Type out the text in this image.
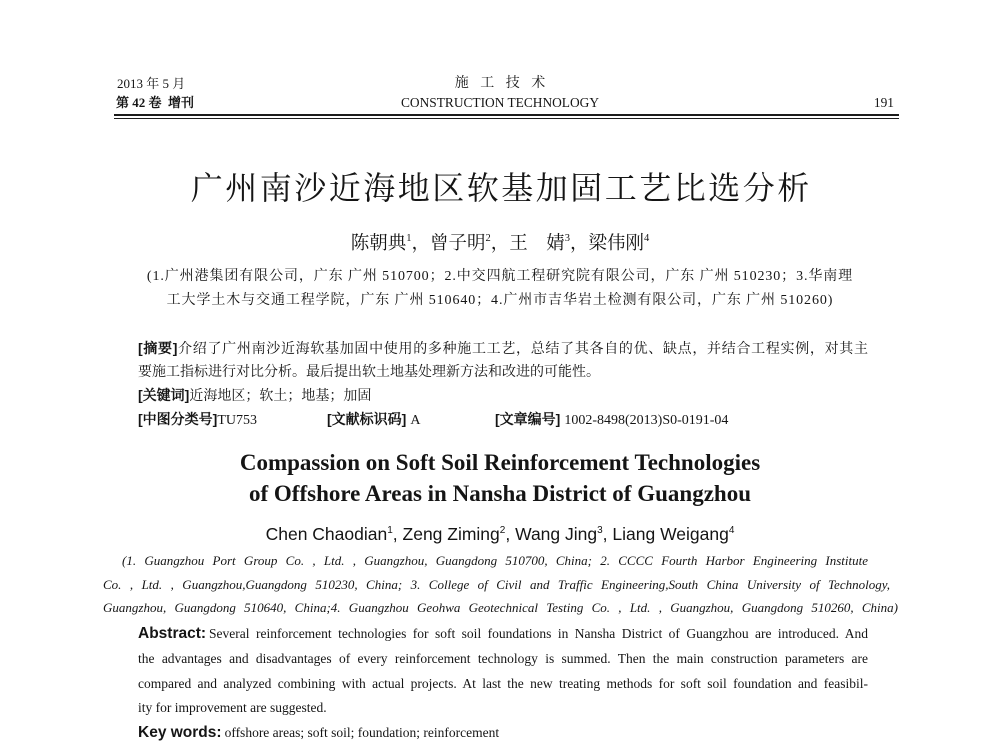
2013 年 5 月
第 42 卷  增刊
施 工 技 术
CONSTRUCTION TECHNOLOGY	191
广州南沙近海地区软基加固工艺比选分析
陈朝典$^1$，曾子明$^2$，王　婧$^3$，梁伟刚$^4$
(1.广州港集团有限公司，广东 广州 510700；2.中交四航工程研究院有限公司，广东 广州 510230；3.华南理
工大学土木与交通工程学院，广东 广州 510640；4.广州市吉华岩土检测有限公司，广东 广州 510260)
[摘要]介绍了广州南沙近海软基加固中使用的多种施工工艺，总结了其各自的优、缺点，并结合工程实例，对其主
要施工指标进行对比分析。最后提出软土地基处理新方法和改进的可能性。
[关键词]近海地区；软土；地基；加固
[中图分类号]TU753	[文献标识码] A	[文章编号] 1002-8498(2013)S0-0191-04
Compassion on Soft Soil Reinforcement Technologies
of Offshore Areas in Nansha District of Guangzhou
Chen Chaodian$^1$, Zeng Ziming$^2$, Wang Jing$^3$, Liang Weigang$^4$
(1. Guangzhou Port Group Co. , Ltd. , Guangzhou, Guangdong 510700, China; 2. CCCC Fourth Harbor Engineering Institute
Co. , Ltd. , Guangzhou,Guangdong 510230, China; 3. College of Civil and Traffic Engineering,South China University of Technology,
Guangzhou, Guangdong 510640, China;4. Guangzhou Geohwa Geotechnical Testing Co. , Ltd. , Guangzhou, Guangdong 510260, China)
Abstract: Several reinforcement technologies for soft soil foundations in Nansha District of Guangzhou are introduced. And
the advantages and disadvantages of every reinforcement technology is summed. Then the main construction parameters are
compared and analyzed combining with actual projects. At last the new treating methods for soft soil foundation and feasibil-
ity for improvement are suggested.
Key words: offshore areas; soft soil; foundation; reinforcement
